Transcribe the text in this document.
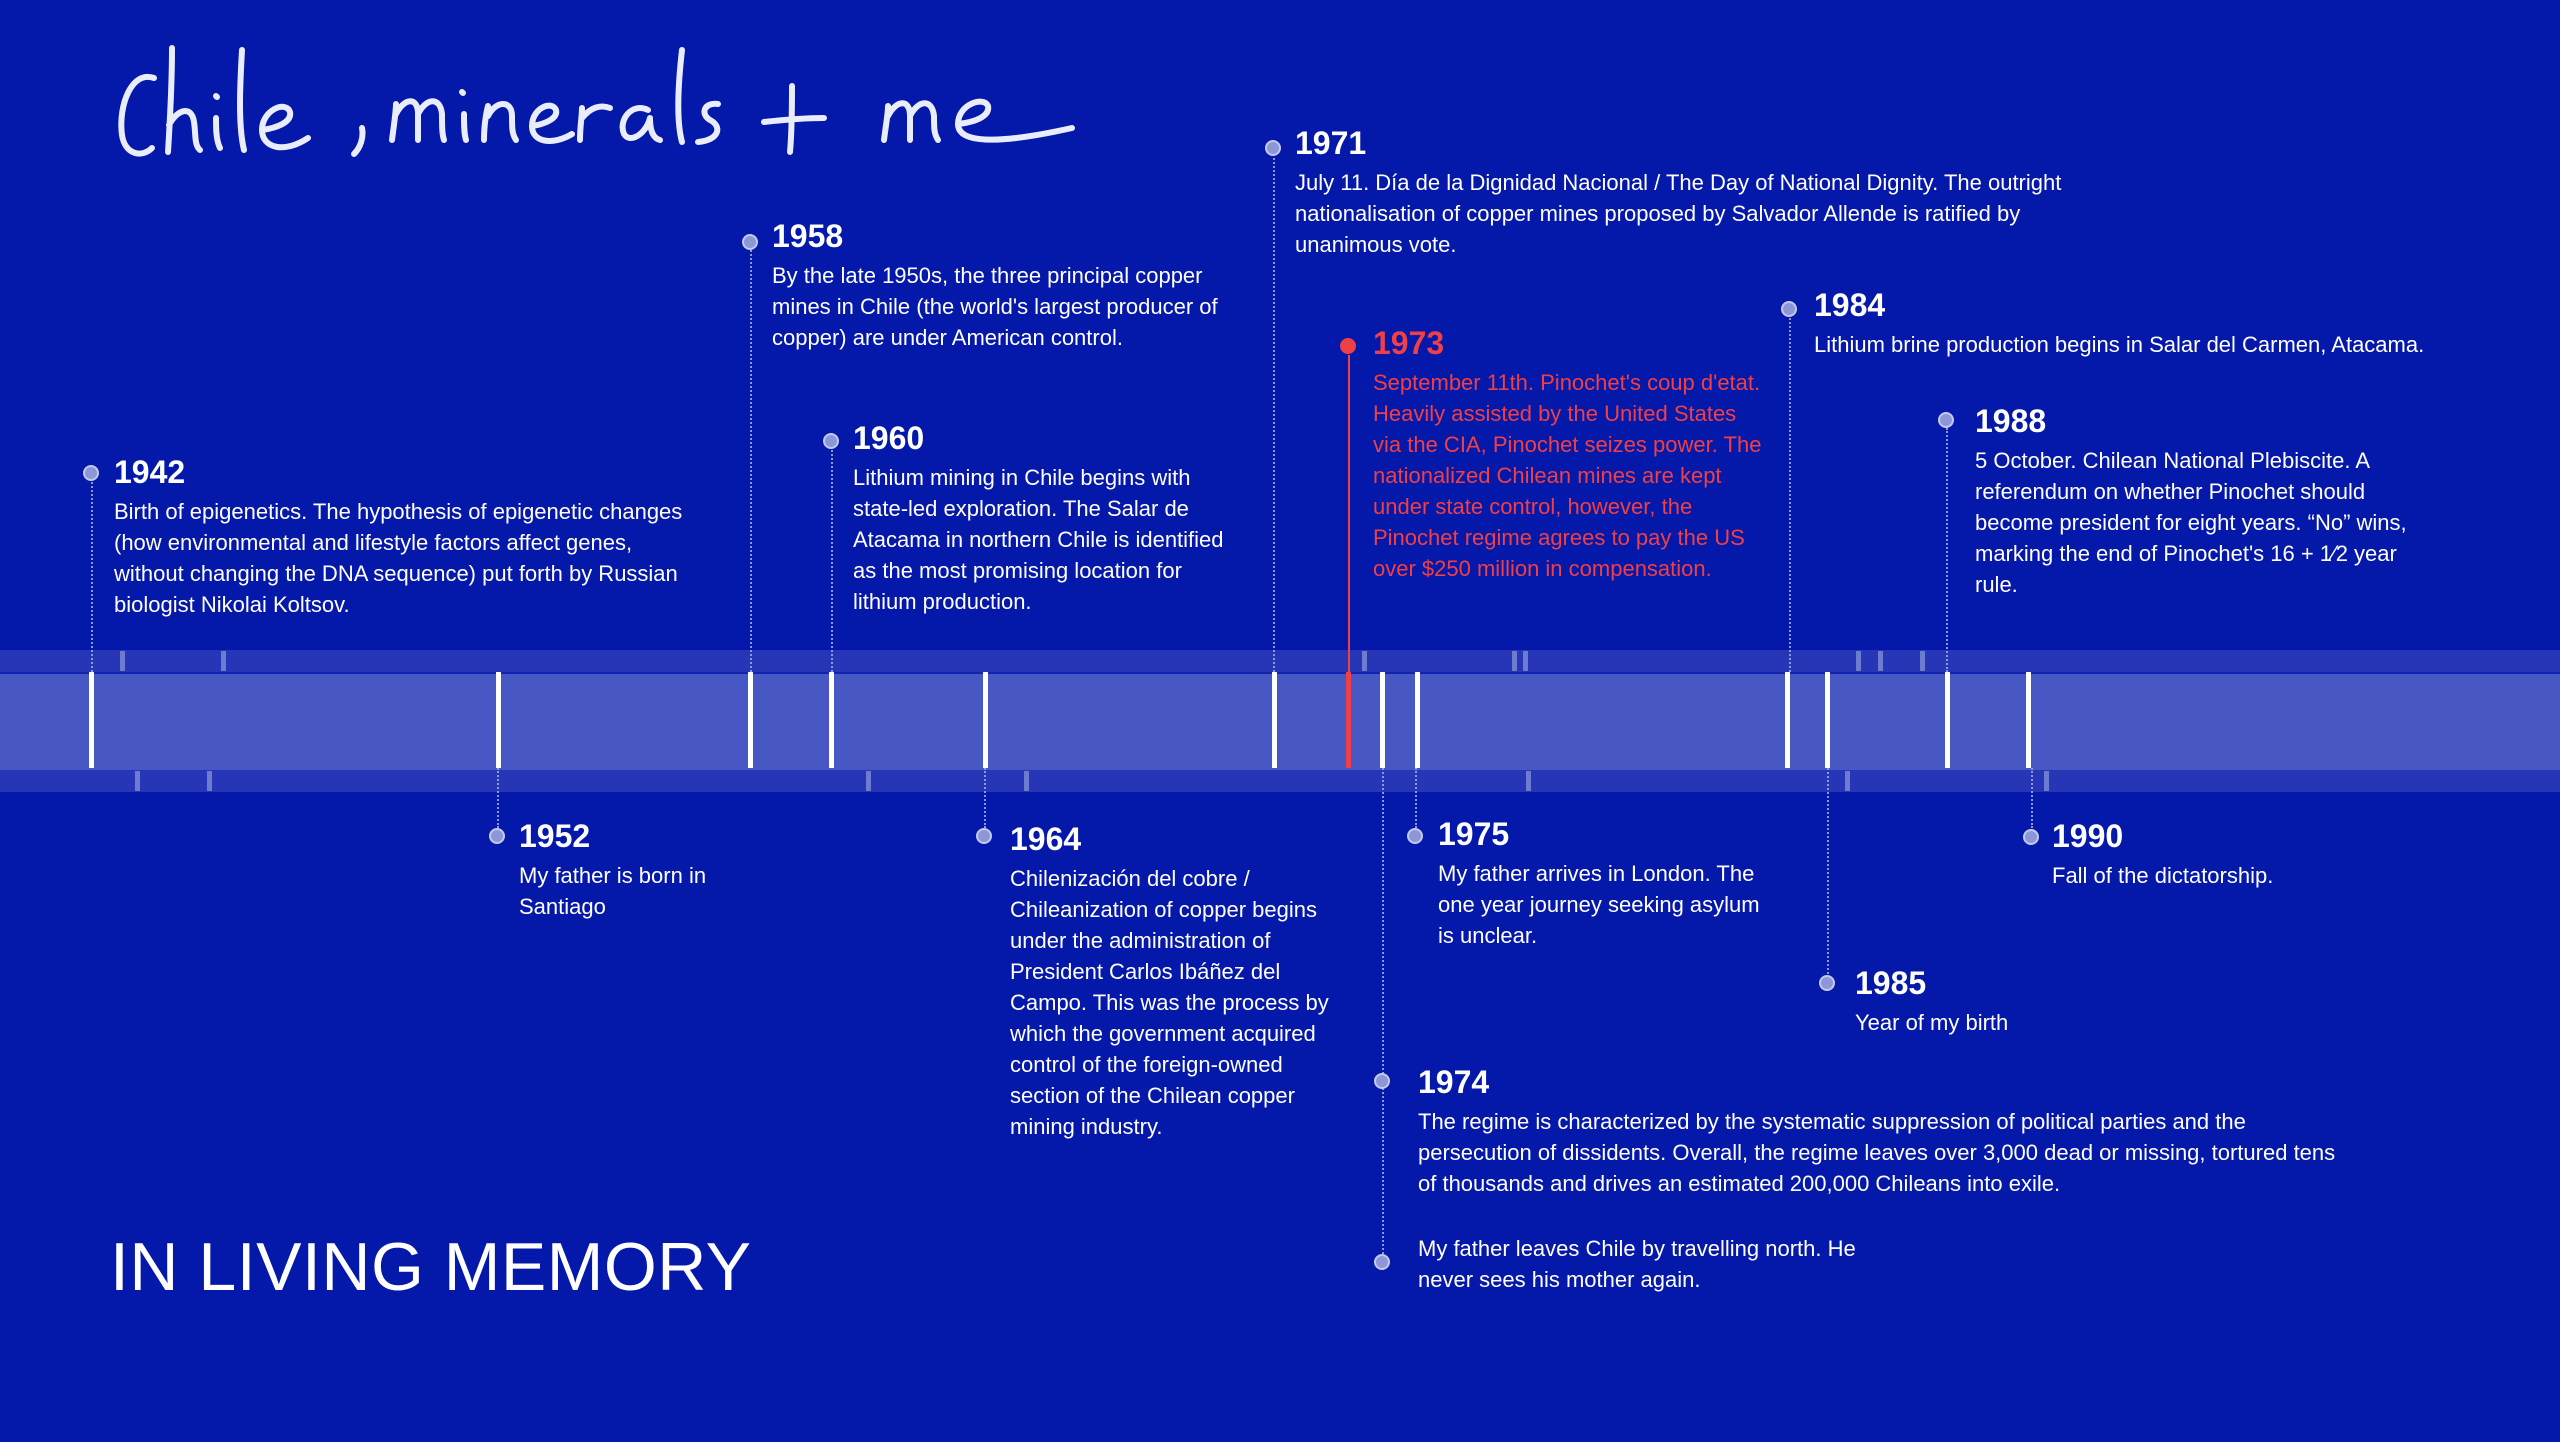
IN LIVING MEMORY
1942
Birth of epigenetics. The hypothesis of epigenetic changes (how environmental and lifestyle factors affect genes, without changing the DNA sequence) put forth by Russian biologist Nikolai Koltsov.
1952
My father is born in Santiago
1958
By the late 1950s, the three principal copper mines in Chile (the world's largest producer of copper) are under American control.
1960
Lithium mining in Chile begins with state-led exploration. The Salar de Atacama in northern Chile is identified as the most promising location for lithium production.
1964
Chilenización del cobre / Chileanization of copper begins under the administration of President Carlos Ibáñez del Campo. This was the process by which the government acquired control of the foreign-owned section of the Chilean copper mining industry.
1971
July 11. Día de la Dignidad Nacional / The Day of National Dignity. The outright nationalisation of copper mines proposed by Salvador Allende is ratified by unanimous vote.
1973
September 11th. Pinochet's coup d'etat. Heavily assisted by the United States via the CIA, Pinochet seizes power. The nationalized Chilean mines are kept under state control, however, the Pinochet regime agrees to pay the US over $250 million in compensation.
1974
The regime is characterized by the systematic suppression of political parties and the persecution of dissidents. Overall, the regime leaves over 3,000 dead or missing, tortured tens of thousands and drives an estimated 200,000 Chileans into exile.
My father leaves Chile by travelling north. He never sees his mother again.
1975
My father arrives in London. The one year journey seeking asylum is unclear.
1984
Lithium brine production begins in Salar del Carmen, Atacama.
1985
Year of my birth
1988
5 October. Chilean National Plebiscite. A referendum on whether Pinochet should become president for eight years. “No” wins, marking the end of Pinochet's 16 + 1⁄2 year rule.
1990
Fall of the dictatorship.
